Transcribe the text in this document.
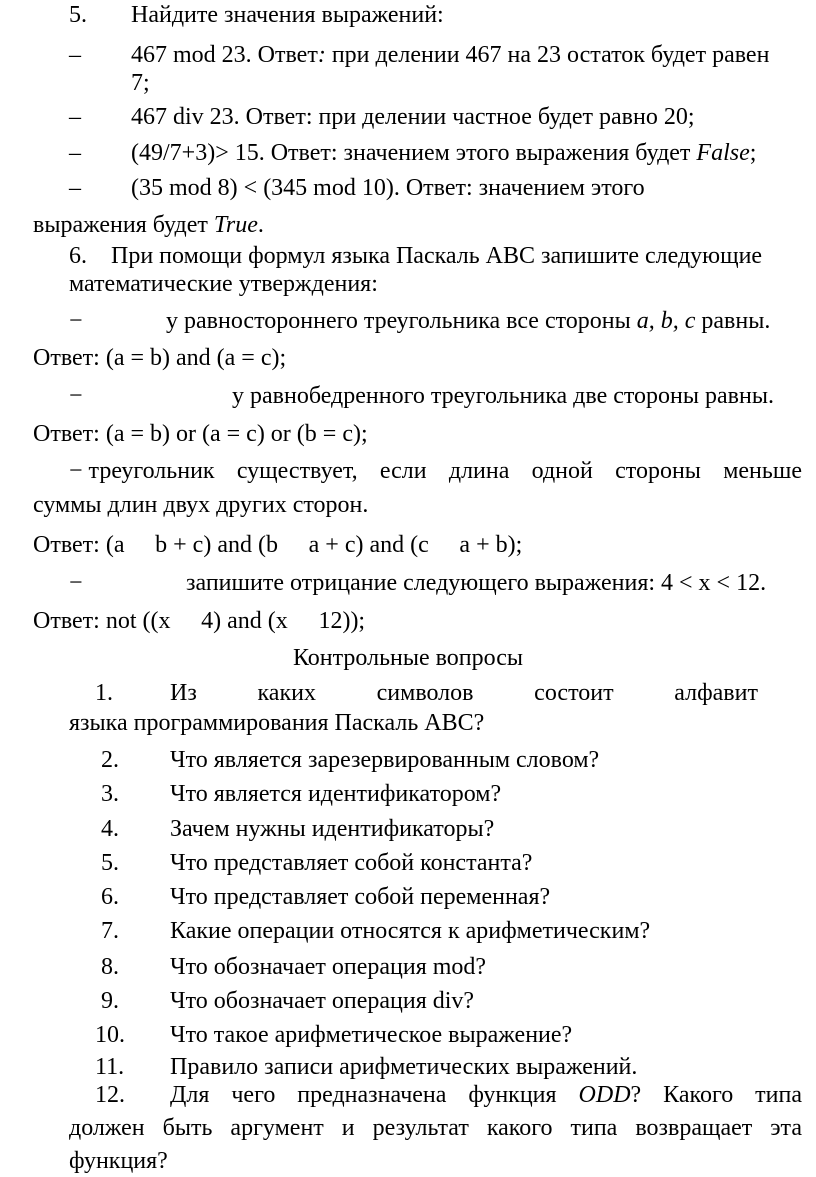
5. Найдите значения выражений:
– 467 mod 23. Ответ: при делении 467 на 23 остаток будет равен
7;
– 467 div 23. Ответ: при делении частное будет равно 20;
– (49/7+3)> 15. Ответ: значением этого выражения будет False;
– (35 mod 8) < (345 mod 10). Ответ: значением этого
выражения будет True.
6. При помощи формул языка Паскаль АВС запишите следующие
математические утверждения:
−	у равностороннего треугольника все стороны a, b, c равны.
Ответ: (a = b) and (a = c);
−	у равнобедренного треугольника две стороны равны.
Ответ: (a = b) or (a = c) or (b = c);
− треугольник существует, если длина одной стороны меньше
суммы длин двух других сторон.
Ответ: (a b + c) and (b a + c) and (c a + b);
−	запишите отрицание следующего выражения: 4 < x < 12.
Ответ: not ((x 4) and (x 12));
Контрольные вопросы
1. Из	каких	символов	состоит	алфавит
языка программирования Паскаль АВС?
2. Что является зарезервированным словом?
3. Что является идентификатором?
4. Зачем нужны идентификаторы?
5. Что представляет собой константа?
6. Что представляет собой переменная?
7. Какие операции относятся к арифметическим?
8. Что обозначает операция mod?
9. Что обозначает операция div?
10. Что такое арифметическое выражение?
11. Правило записи арифметических выражений.
12. Для чего предназначена функция ODD? Какого типа
должен быть аргумент и результат какого типа возвращает эта
функция?
